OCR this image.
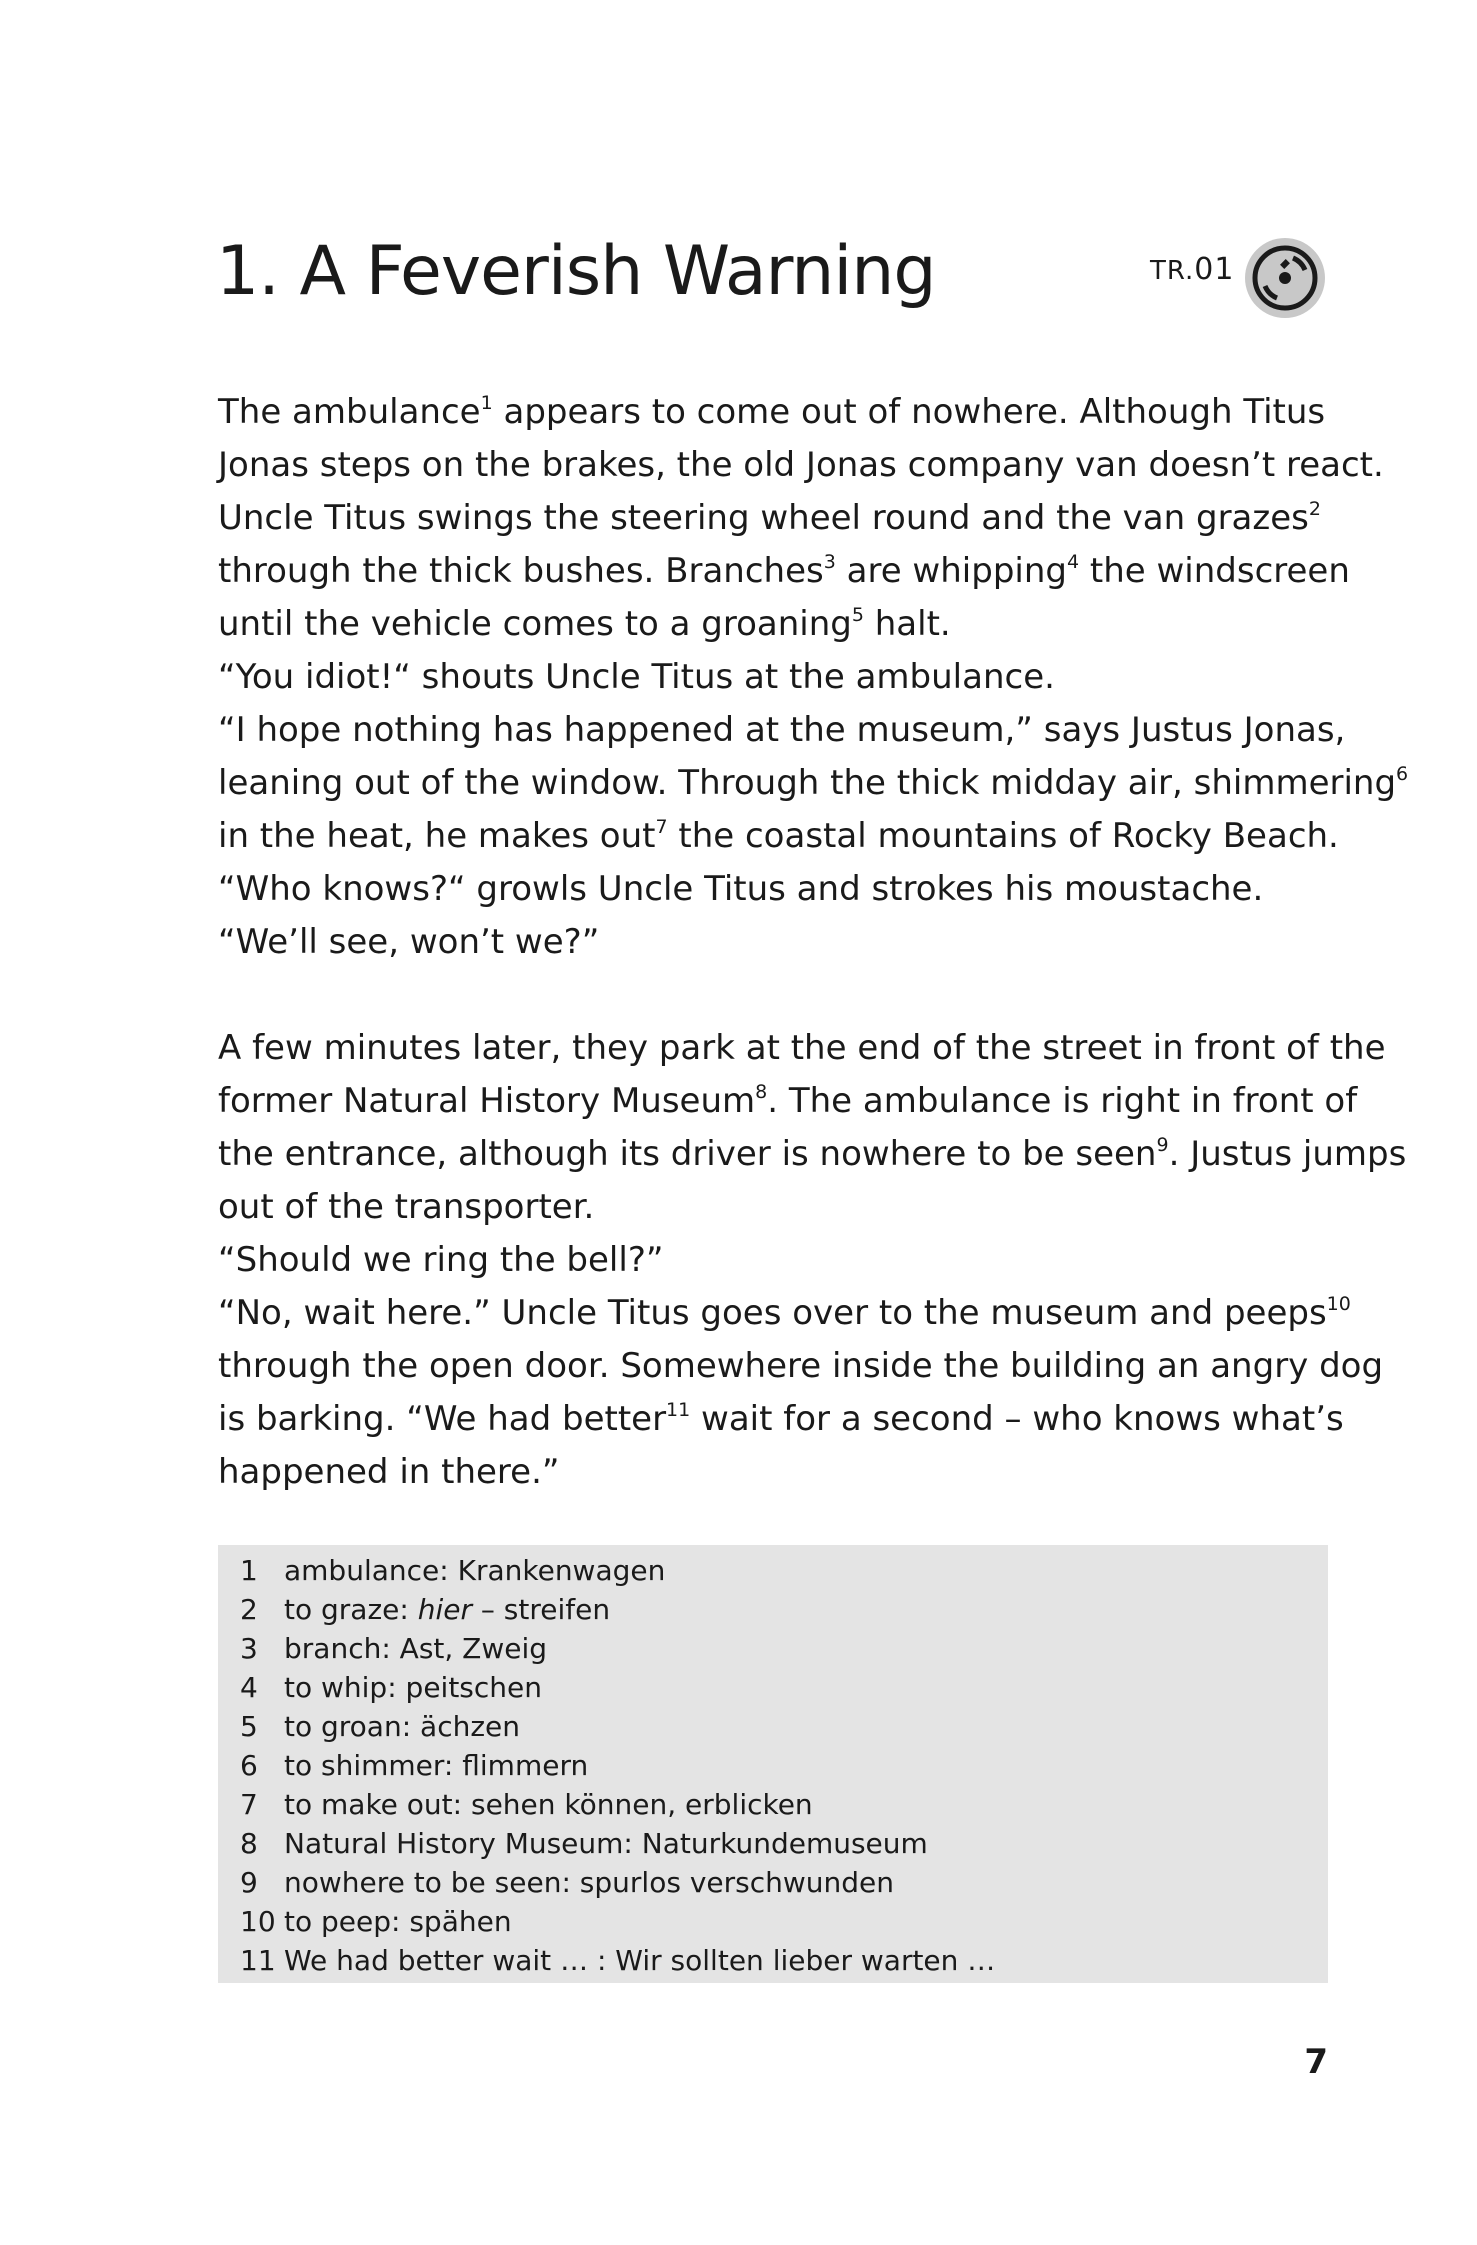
1. A Feverish Warning	TR.01

The ambulance$^1$ appears to come out of nowhere. Although Titus

Jonas steps on the brakes, the old Jonas company van doesn’t react.

Uncle Titus swings the steering wheel round and the van grazes$^2$

through the thick bushes. Branches$^3$ are whipping$^4$ the windscreen

until the vehicle comes to a groaning$^5$ halt.

“You idiot!“ shouts Uncle Titus at the ambulance.

“I hope nothing has happened at the museum,” says Justus Jonas,

leaning out of the window. Through the thick midday air, shimmering$^6$

in the heat, he makes out$^7$ the coastal mountains of Rocky Beach.

“Who knows?“ growls Uncle Titus and strokes his moustache.

“We’ll see, won’t we?”

A few minutes later, they park at the end of the street in front of the

former Natural History Museum$^8$. The ambulance is right in front of

the entrance, although its driver is nowhere to be seen$^9$. Justus jumps

out of the transporter.

“Should we ring the bell?”

“No, wait here.” Uncle Titus goes over to the museum and peeps$^{10}$

through the open door. Somewhere inside the building an angry dog

is barking. “We had better$^{11}$ wait for a second – who knows what’s

happened in there.”

1 ambulance: Krankenwagen
2 to graze: hier – streifen
3 branch: Ast, Zweig
4 to whip: peitschen
5 to groan: ächzen
6 to shimmer: flimmern
7 to make out: sehen können, erblicken
8 Natural History Museum: Naturkundemuseum
9 nowhere to be seen: spurlos verschwunden
10 to peep: spähen
11 We had better wait … : Wir sollten lieber warten …
7
